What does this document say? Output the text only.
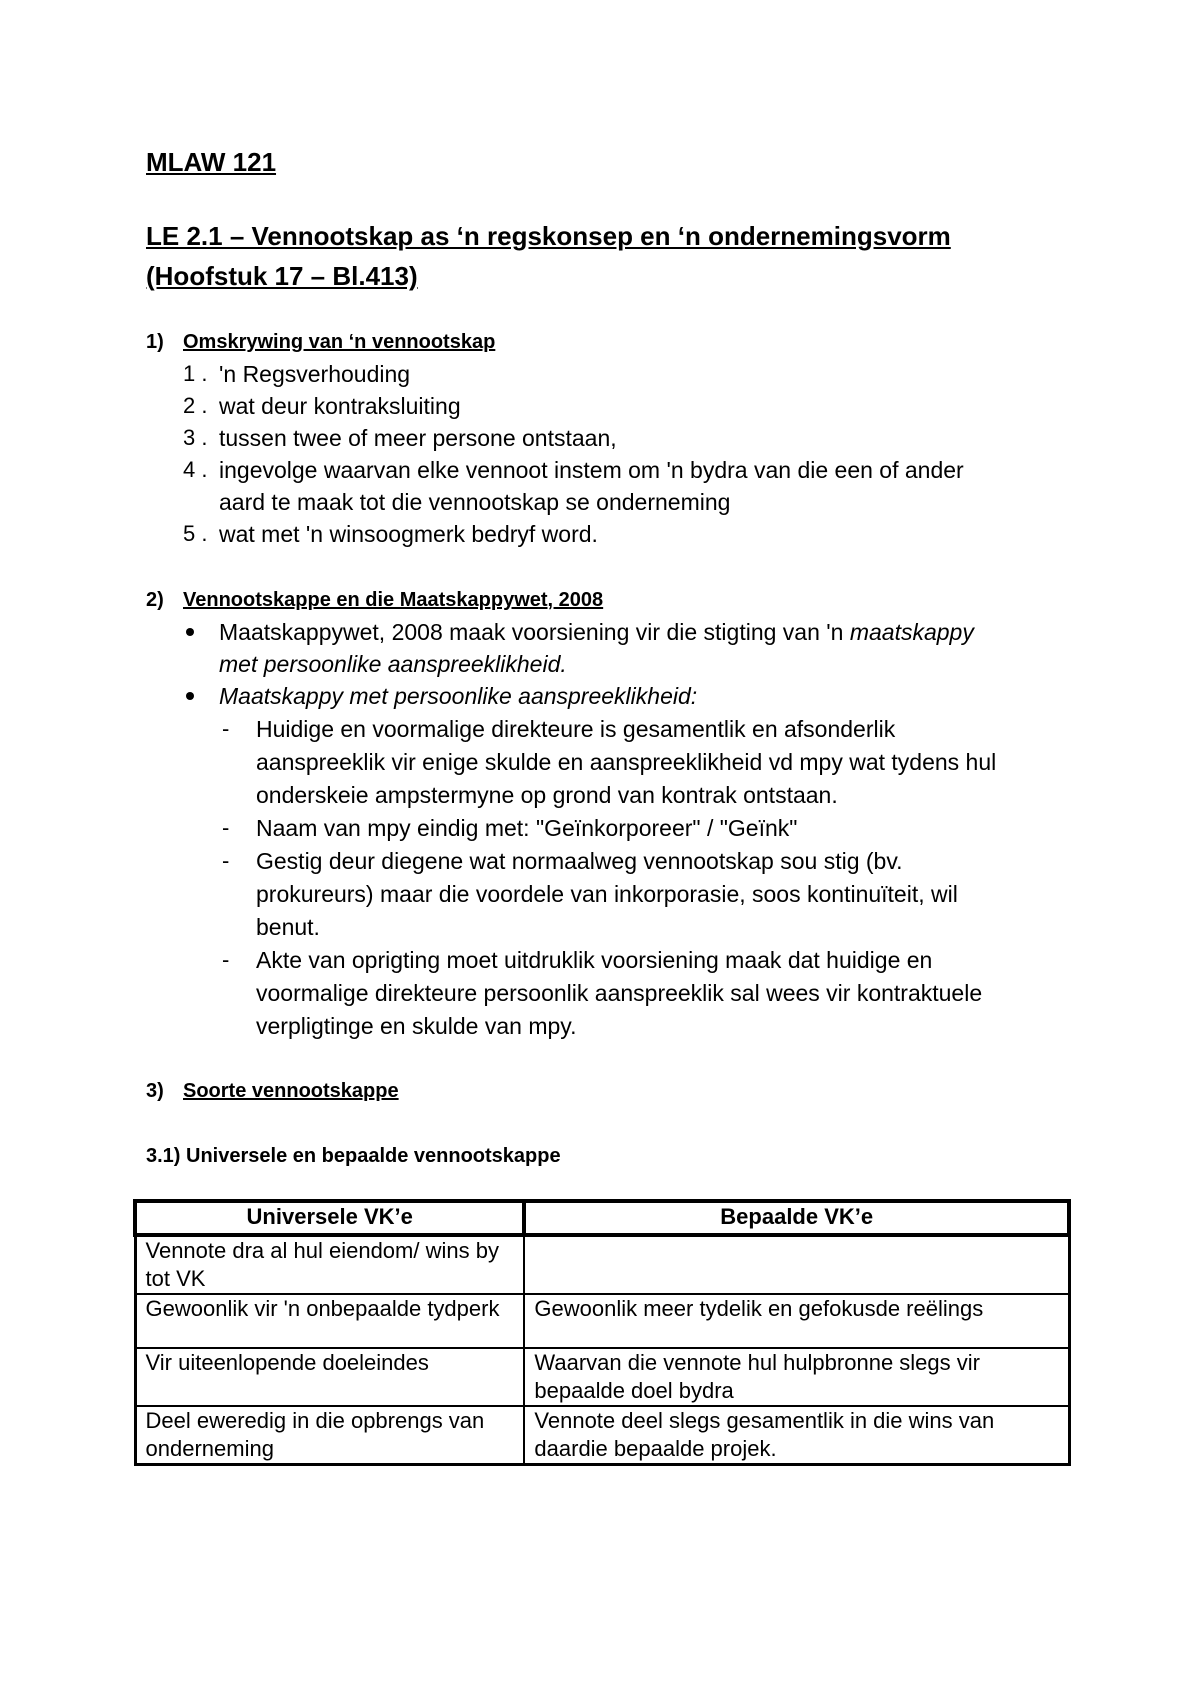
MLAW 121
LE 2.1 – Vennootskap as ‘n regskonsep en ‘n ondernemingsvorm
(Hoofstuk 17 – Bl.413)
1) Omskrywing van ‘n vennootskap
1 . 'n Regsverhouding
2 . wat deur kontraksluiting
3 . tussen twee of meer persone ontstaan,
4 . ingevolge waarvan elke vennoot instem om 'n bydra van die een of ander
aard te maak tot die vennootskap se onderneming
5 . wat met 'n winsoogmerk bedryf word.
2) Vennootskappe en die Maatskappywet, 2008
Maatskappywet, 2008 maak voorsiening vir die stigting van 'n maatskappy
met persoonlike aanspreeklikheid.
Maatskappy met persoonlike aanspreeklikheid:
- Huidige en voormalige direkteure is gesamentlik en afsonderlik
aanspreeklik vir enige skulde en aanspreeklikheid vd mpy wat tydens hul
onderskeie ampstermyne op grond van kontrak ontstaan.
- Naam van mpy eindig met: "Geïnkorporeer" / "Geïnk"
- Gestig deur diegene wat normaalweg vennootskap sou stig (bv.
prokureurs) maar die voordele van inkorporasie, soos kontinuïteit, wil
benut.
- Akte van oprigting moet uitdruklik voorsiening maak dat huidige en
voormalige direkteure persoonlik aanspreeklik sal wees vir kontraktuele
verpligtinge en skulde van mpy.
3) Soorte vennootskappe
3.1) Universele en bepaalde vennootskappe
Universele VK’e	Bepaalde VK’e
Vennote dra al hul eiendom/ wins by tot VK	
Gewoonlik vir 'n onbepaalde tydperk	Gewoonlik meer tydelik en gefokusde reëlings
Vir uiteenlopende doeleindes	Waarvan die vennote hul hulpbronne slegs vir bepaalde doel bydra
Deel eweredig in die opbrengs van onderneming	Vennote deel slegs gesamentlik in die wins van daardie bepaalde projek.
